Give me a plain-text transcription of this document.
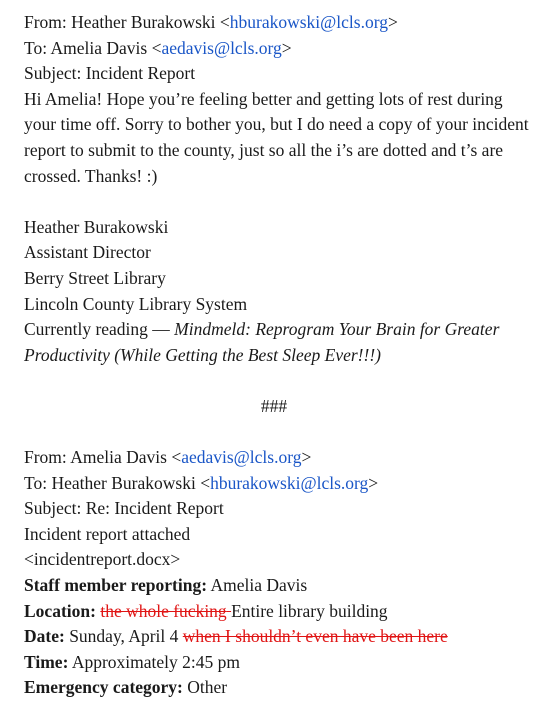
From: Heather Burakowski <hburakowski@lcls.org>
To: Amelia Davis <aedavis@lcls.org>
Subject: Incident Report
Hi Amelia! Hope you’re feeling better and getting lots of rest during your time off. Sorry to bother you, but I do need a copy of your incident report to submit to the county, just so all the i’s are dotted and t’s are crossed. Thanks! :)
Heather Burakowski
Assistant Director
Berry Street Library
Lincoln County Library System
Currently reading — Mindmeld: Reprogram Your Brain for Greater Productivity (While Getting the Best Sleep Ever!!!)
###
From: Amelia Davis <aedavis@lcls.org>
To: Heather Burakowski <hburakowski@lcls.org>
Subject: Re: Incident Report
Incident report attached
<incidentreport.docx>
Staff member reporting: Amelia Davis
Location: the whole fucking Entire library building
Date: Sunday, April 4 when I shouldn’t even have been here
Time: Approximately 2:45 pm
Emergency category: Other
